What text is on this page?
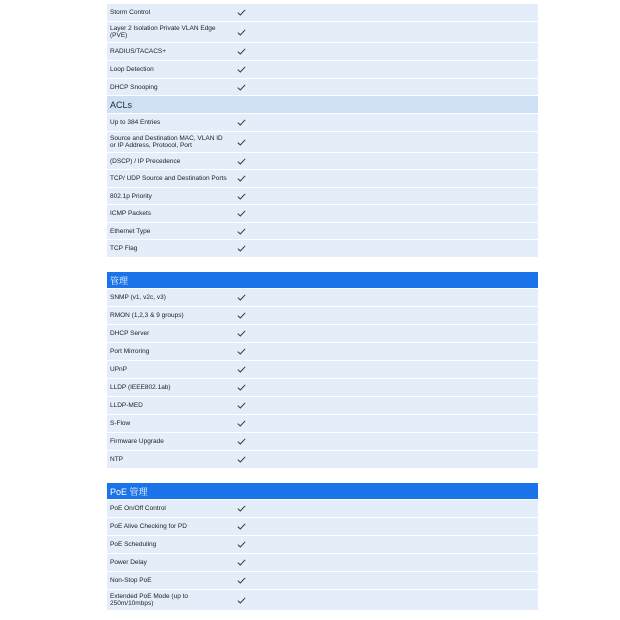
Storm Control
Layer 2 Isolation Private VLAN Edge (PVE)
RADIUS/TACACS+
Loop Detection
DHCP Snooping
ACLs
Up to 384 Entries
Source and Destination MAC, VLAN ID or IP Address, Protocol, Port
(DSCP) / IP Precedence
TCP/ UDP Source and Destination Ports
802.1p Priority
ICMP Packets
Ethernet Type
TCP Flag
管理
SNMP (v1, v2c, v3)
RMON (1,2,3 & 9 groups)
DHCP Server
Port Mirroring
UPnP
LLDP (IEEE802.1ab)
LLDP-MED
S-Flow
Firmware Upgrade
NTP
PoE 管理
PoE On/Off Control
PoE Alive Checking for PD
PoE Scheduling
Power Delay
Non-Stop PoE
Extended PoE Mode (up to 250m/10mbps)
